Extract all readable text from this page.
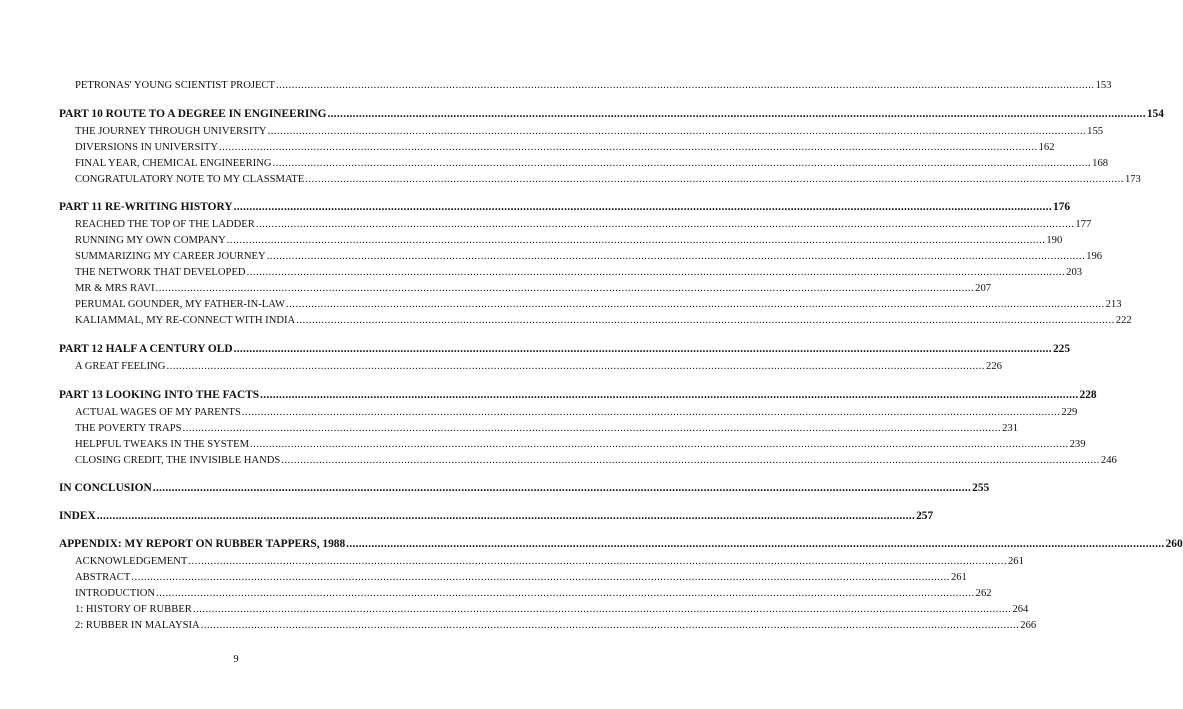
PETRONAS' YOUNG SCIENTIST PROJECT .................................................................................................................................................................................................................................................................... 153
PART 10 ROUTE TO A DEGREE IN ENGINEERING .................................................................................................................................................................................................................................................................... 154
THE JOURNEY THROUGH UNIVERSITY .................................................................................................................................................................................................................................................................... 155
DIVERSIONS IN UNIVERSITY .................................................................................................................................................................................................................................................................... 162
FINAL YEAR, CHEMICAL ENGINEERING .................................................................................................................................................................................................................................................................... 168
CONGRATULATORY NOTE TO MY CLASSMATE .................................................................................................................................................................................................................................................................... 173
PART 11 RE-WRITING HISTORY .................................................................................................................................................................................................................................................................... 176
REACHED THE TOP OF THE LADDER .................................................................................................................................................................................................................................................................... 177
RUNNING MY OWN COMPANY .................................................................................................................................................................................................................................................................... 190
SUMMARIZING MY CAREER JOURNEY .................................................................................................................................................................................................................................................................... 196
THE NETWORK THAT DEVELOPED .................................................................................................................................................................................................................................................................... 203
MR & MRS RAVI .................................................................................................................................................................................................................................................................... 207
PERUMAL GOUNDER, MY FATHER-IN-LAW .................................................................................................................................................................................................................................................................... 213
KALIAMMAL, MY RE-CONNECT WITH INDIA .................................................................................................................................................................................................................................................................... 222
PART 12 HALF A CENTURY OLD .................................................................................................................................................................................................................................................................... 225
A GREAT FEELING .................................................................................................................................................................................................................................................................... 226
PART 13 LOOKING INTO THE FACTS .................................................................................................................................................................................................................................................................... 228
ACTUAL WAGES OF MY PARENTS .................................................................................................................................................................................................................................................................... 229
THE POVERTY TRAPS .................................................................................................................................................................................................................................................................... 231
HELPFUL TWEAKS IN THE SYSTEM .................................................................................................................................................................................................................................................................... 239
CLOSING CREDIT, THE INVISIBLE HANDS .................................................................................................................................................................................................................................................................... 246
IN CONCLUSION .................................................................................................................................................................................................................................................................... 255
INDEX .................................................................................................................................................................................................................................................................... 257
APPENDIX: MY REPORT ON RUBBER TAPPERS, 1988 .................................................................................................................................................................................................................................................................... 260
ACKNOWLEDGEMENT .................................................................................................................................................................................................................................................................... 261
ABSTRACT .................................................................................................................................................................................................................................................................... 261
INTRODUCTION .................................................................................................................................................................................................................................................................... 262
1: HISTORY OF RUBBER .................................................................................................................................................................................................................................................................... 264
2: RUBBER IN MALAYSIA .................................................................................................................................................................................................................................................................... 266
9
